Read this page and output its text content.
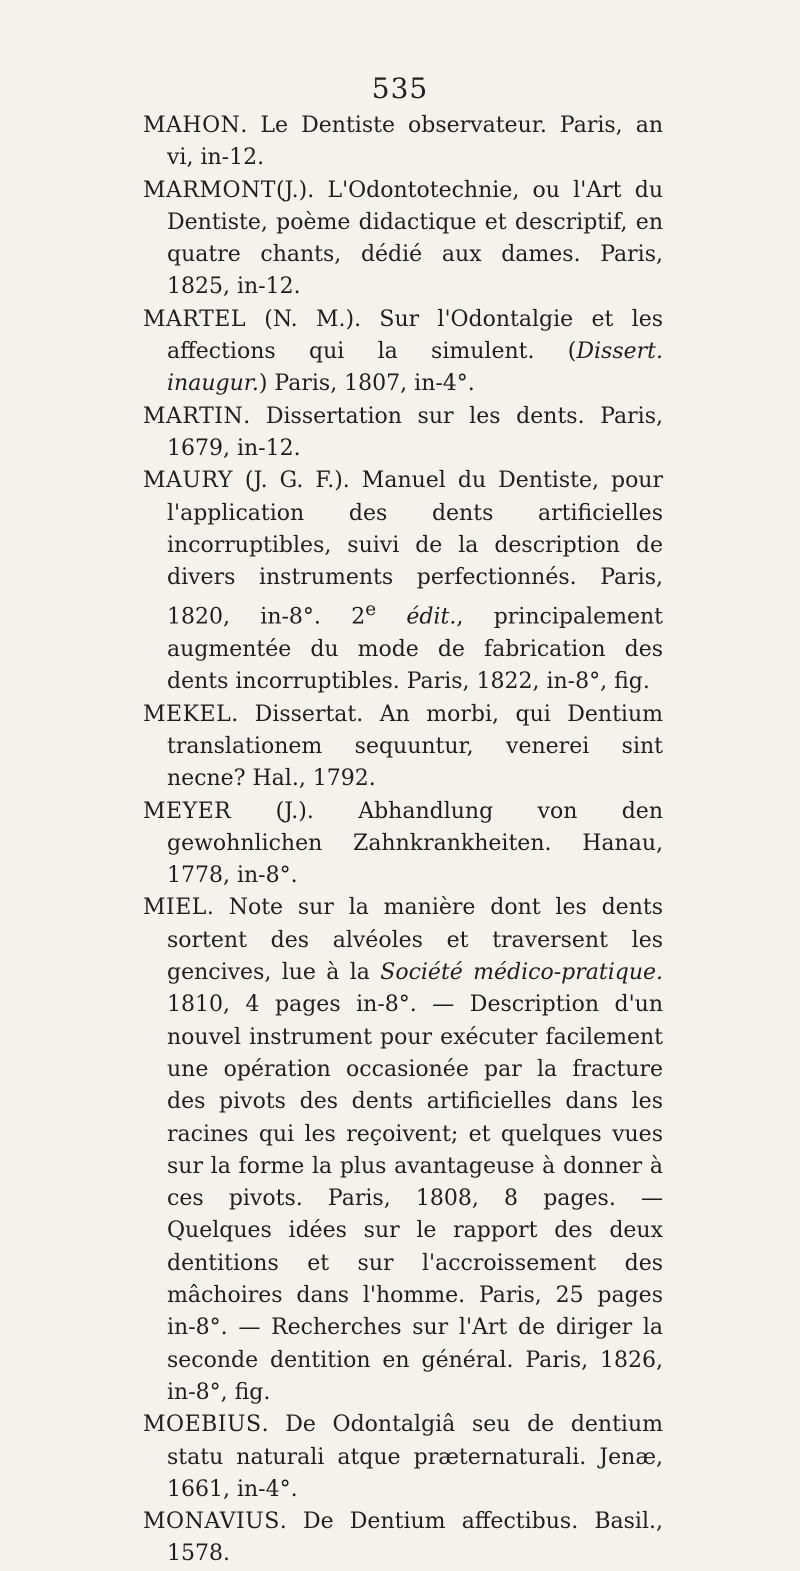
535

MAHON. Le Dentiste observateur. Paris, an vi, in-12.

MARMONT(J.). L'Odontotechnie, ou l'Art du Dentiste, poème didactique et descriptif, en quatre chants, dédié aux dames. Paris, 1825, in-12.

MARTEL (N. M.). Sur l'Odontalgie et les affections qui la simulent. (Dissert. inaugur.) Paris, 1807, in-4°.

MARTIN. Dissertation sur les dents. Paris, 1679, in-12.

MAURY (J. G. F.). Manuel du Dentiste, pour l'application des dents artificielles incorruptibles, suivi de la description de divers instruments perfectionnés. Paris, 1820, in-8°. 2e édit., principalement augmentée du mode de fabrication des dents incorruptibles. Paris, 1822, in-8°, fig.

MEKEL. Dissertat. An morbi, qui Dentium translationem sequuntur, venerei sint necne? Hal., 1792.

MEYER (J.). Abhandlung von den gewohnlichen Zahnkrankheiten. Hanau, 1778, in-8°.

MIEL. Note sur la manière dont les dents sortent des alvéoles et traversent les gencives, lue à la Société médico-pratique. 1810, 4 pages in-8°. — Description d'un nouvel instrument pour exécuter facilement une opération occasionée par la fracture des pivots des dents artificielles dans les racines qui les reçoivent; et quelques vues sur la forme la plus avantageuse à donner à ces pivots. Paris, 1808, 8 pages. — Quelques idées sur le rapport des deux dentitions et sur l'accroissement des mâchoires dans l'homme. Paris, 25 pages in-8°. — Recherches sur l'Art de diriger la seconde dentition en général. Paris, 1826, in-8°, fig.

MOEBIUS. De Odontalgiâ seu de dentium statu naturali atque præternaturali. Jenæ, 1661, in-4°.

MONAVIUS. De Dentium affectibus. Basil., 1578.
